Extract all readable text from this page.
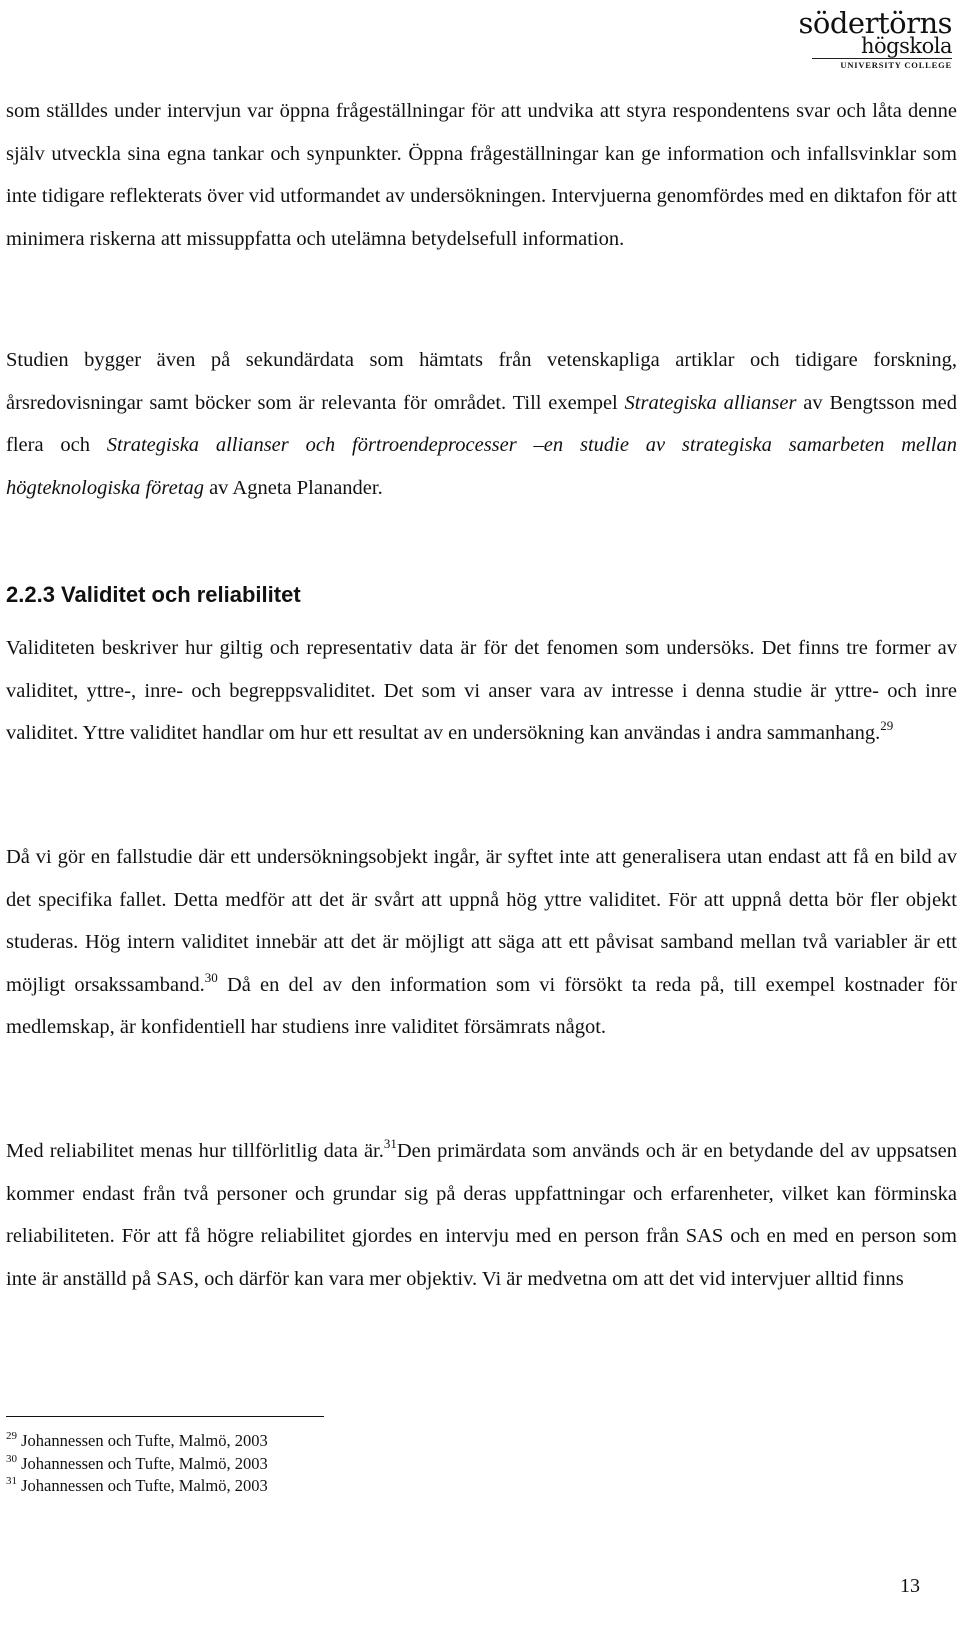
södertörns
högskola
UNIVERSITY COLLEGE

som ställdes under intervjun var öppna frågeställningar för att undvika att styra respondentens svar och låta denne själv utveckla sina egna tankar och synpunkter. Öppna frågeställningar kan ge information och infallsvinklar som inte tidigare reflekterats över vid utformandet av undersökningen. Intervjuerna genomfördes med en diktafon för att minimera riskerna att missuppfatta och utelämna betydelsefull information.

Studien bygger även på sekundärdata som hämtats från vetenskapliga artiklar och tidigare forskning, årsredovisningar samt böcker som är relevanta för området. Till exempel Strategiska allianser av Bengtsson med flera och Strategiska allianser och förtroendeprocesser –en studie av strategiska samarbeten mellan högteknologiska företag av Agneta Planander.

2.2.3 Validitet och reliabilitet

Validiteten beskriver hur giltig och representativ data är för det fenomen som undersöks. Det finns tre former av validitet, yttre-, inre- och begreppsvaliditet. Det som vi anser vara av intresse i denna studie är yttre- och inre validitet. Yttre validitet handlar om hur ett resultat av en undersökning kan användas i andra sammanhang.$^{29}$

Då vi gör en fallstudie där ett undersökningsobjekt ingår, är syftet inte att generalisera utan endast att få en bild av det specifika fallet. Detta medför att det är svårt att uppnå hög yttre validitet. För att uppnå detta bör fler objekt studeras. Hög intern validitet innebär att det är möjligt att säga att ett påvisat samband mellan två variabler är ett möjligt orsakssamband.$^{30}$ Då en del av den information som vi försökt ta reda på, till exempel kostnader för medlemskap, är konfidentiell har studiens inre validitet försämrats något.

Med reliabilitet menas hur tillförlitlig data är.$^{31}$Den primärdata som används och är en betydande del av uppsatsen kommer endast från två personer och grundar sig på deras uppfattningar och erfarenheter, vilket kan förminska reliabiliteten. För att få högre reliabilitet gjordes en intervju med en person från SAS och en med en person som inte är anställd på SAS, och därför kan vara mer objektiv. Vi är medvetna om att det vid intervjuer alltid finns

$^{29}$ Johannessen och Tufte, Malmö, 2003
$^{30}$ Johannessen och Tufte, Malmö, 2003
$^{31}$ Johannessen och Tufte, Malmö, 2003
13
